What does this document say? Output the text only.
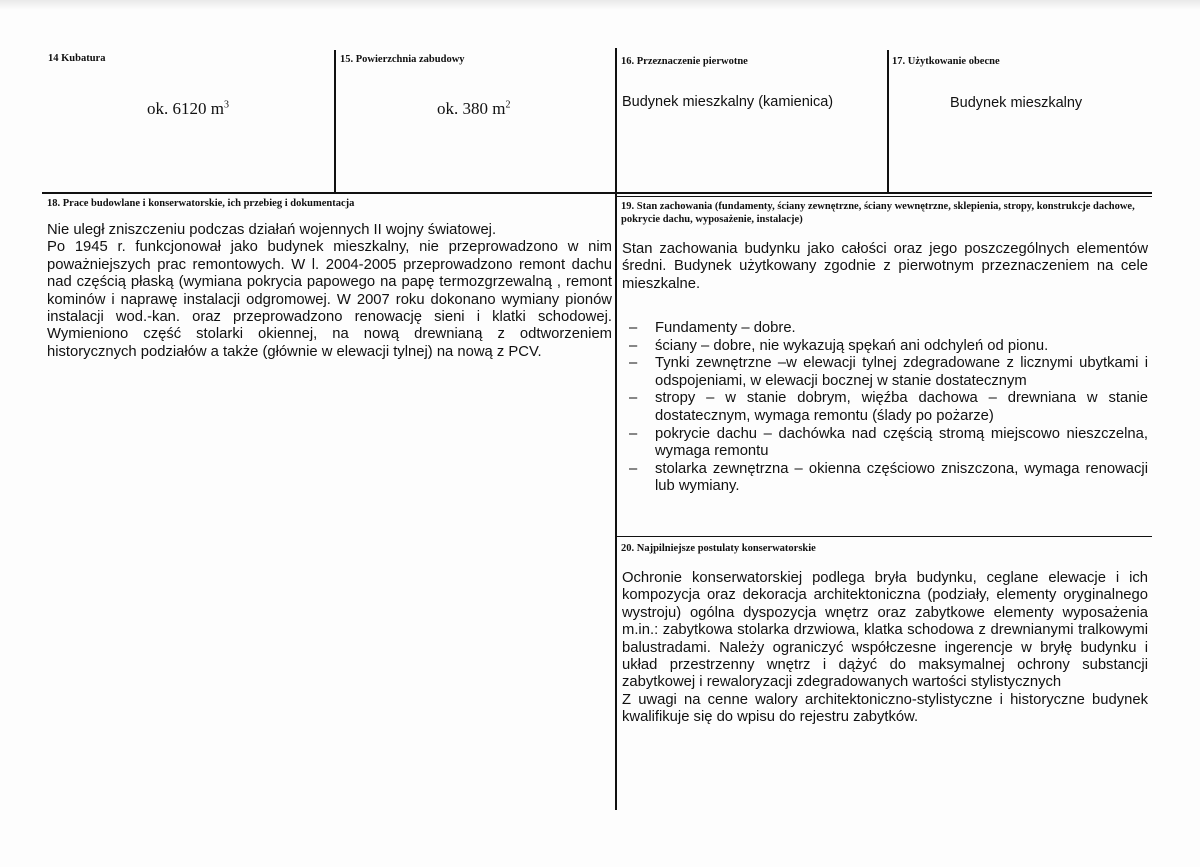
14 Kubatura
ok. 6120 $m^3$
15. Powierzchnia zabudowy
ok. 380 $m^2$
16. Przeznaczenie pierwotne
Budynek mieszkalny (kamienica)
17. Użytkowanie obecne
Budynek mieszkalny
18. Prace budowlane i konserwatorskie, ich przebieg i dokumentacja
Nie uległ zniszczeniu podczas działań wojennych II wojny światowej.
Po 1945 r. funkcjonował jako budynek mieszkalny, nie przeprowadzono w nim poważniejszych prac remontowych. W l. 2004-2005 przeprowadzono remont dachu nad częścią płaską (wymiana pokrycia papowego na papę termozgrzewalną , remont kominów i naprawę instalacji odgromowej. W 2007 roku dokonano wymiany pionów instalacji wod.-kan. oraz przeprowadzono renowację sieni i klatki schodowej. Wymieniono część stolarki okiennej, na nową drewnianą z odtworzeniem historycznych podziałów a także (głównie w elewacji tylnej) na nową z PCV.
19. Stan zachowania (fundamenty, ściany zewnętrzne, ściany wewnętrzne, sklepienia, stropy, konstrukcje dachowe, pokrycie dachu, wyposażenie, instalacje)
Stan zachowania budynku jako całości oraz jego poszczególnych elementów średni. Budynek użytkowany zgodnie z pierwotnym przeznaczeniem na cele mieszkalne.
– Fundamenty – dobre.
– ściany – dobre, nie wykazują spękań ani odchyleń od pionu.
– Tynki zewnętrzne –w elewacji tylnej zdegradowane z licznymi ubytkami i odspojeniami, w elewacji bocznej w stanie dostatecznym
– stropy – w stanie dobrym, więźba dachowa – drewniana w stanie dostatecznym, wymaga remontu (ślady po pożarze)
– pokrycie dachu – dachówka nad częścią stromą miejscowo nieszczelna, wymaga remontu
– stolarka zewnętrzna – okienna częściowo zniszczona, wymaga renowacji lub wymiany.
20. Najpilniejsze postulaty konserwatorskie
Ochronie konserwatorskiej podlega bryła budynku, ceglane elewacje i ich kompozycja oraz dekoracja architektoniczna (podziały, elementy oryginalnego wystroju) ogólna dyspozycja wnętrz oraz zabytkowe elementy wyposażenia m.in.: zabytkowa stolarka drzwiowa, klatka schodowa z drewnianymi tralkowymi balustradami. Należy ograniczyć współczesne ingerencje w bryłę budynku i układ przestrzenny wnętrz i dążyć do maksymalnej ochrony substancji zabytkowej i rewaloryzacji zdegradowanych wartości stylistycznych
Z uwagi na cenne walory architektoniczno-stylistyczne i historyczne budynek kwalifikuje się do wpisu do rejestru zabytków.
